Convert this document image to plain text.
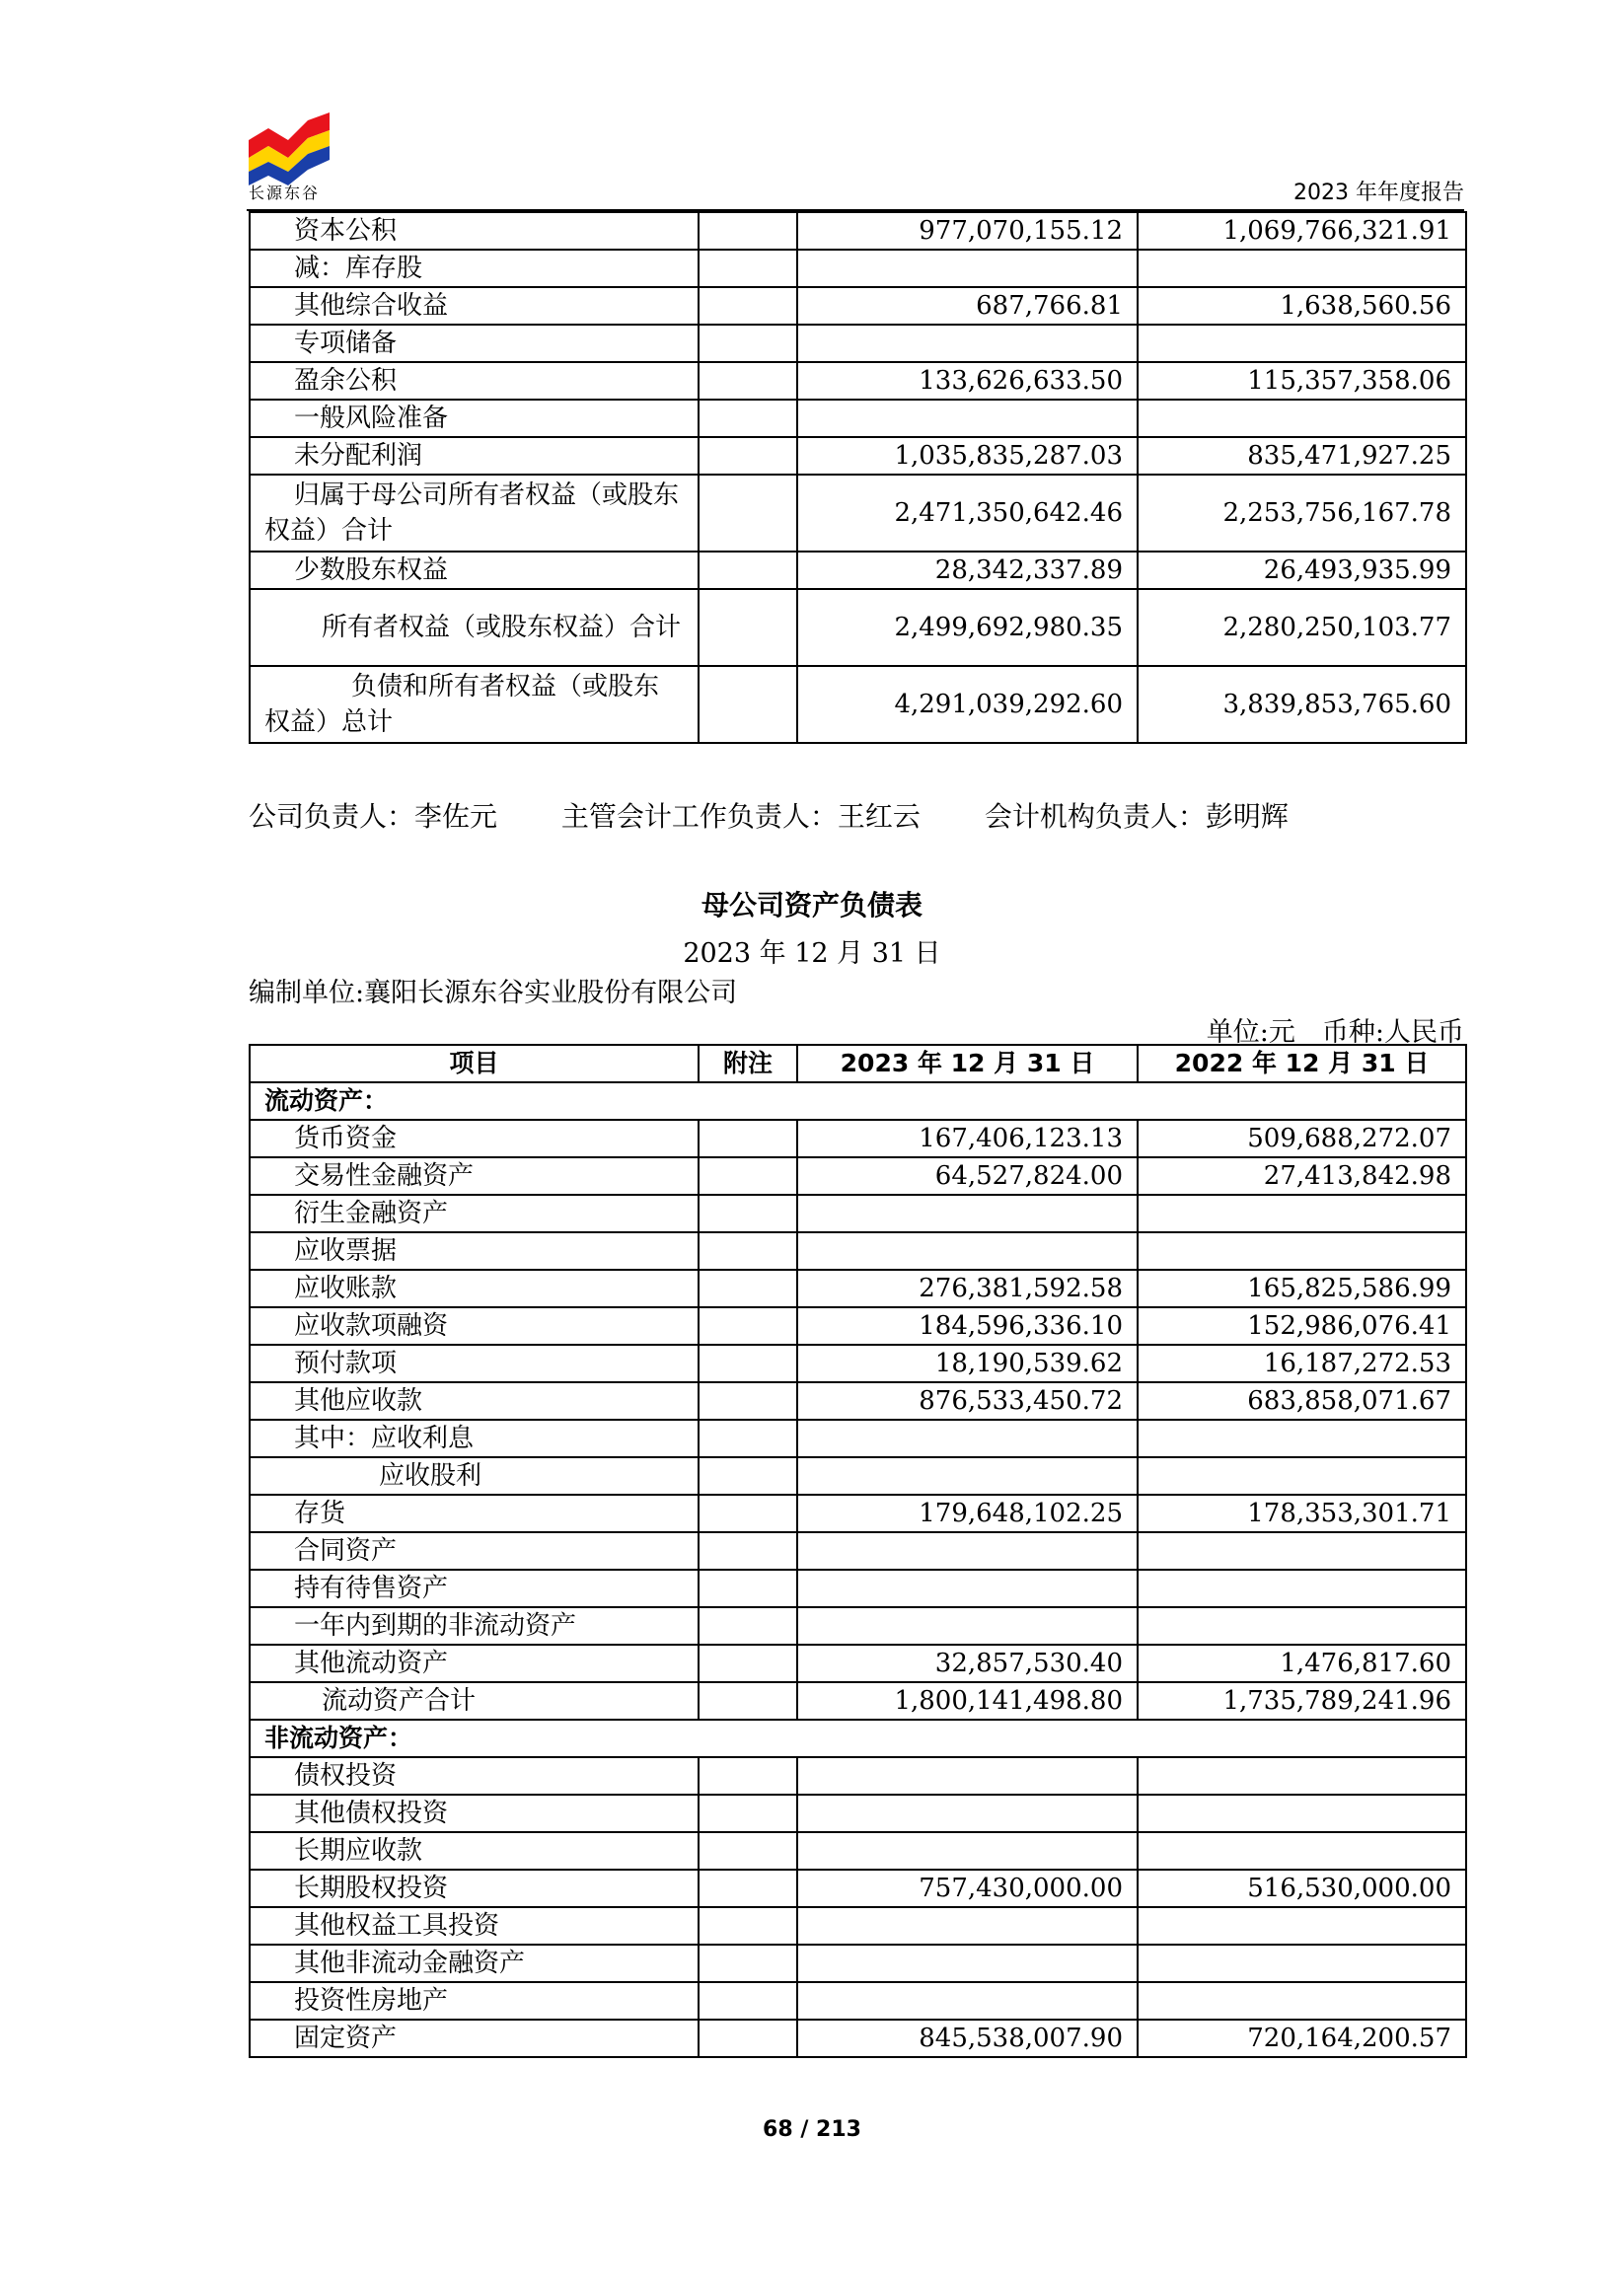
长源东谷	2023 年年度报告
资本公积		977,070,155.12	1,069,766,321.91
减：库存股			
其他综合收益		687,766.81	1,638,560.56
专项储备			
盈余公积		133,626,633.50	115,357,358.06
一般风险准备			
未分配利润		1,035,835,287.03	835,471,927.25
归属于母公司所有者权益（或股东权益）合计		2,471,350,642.46	2,253,756,167.78
少数股东权益		28,342,337.89	26,493,935.99
所有者权益（或股东权益）合计		2,499,692,980.35	2,280,250,103.77
负债和所有者权益（或股东权益）总计		4,291,039,292.60	3,839,853,765.60
公司负责人：李佐元 主管会计工作负责人：王红云 会计机构负责人：彭明辉
母公司资产负债表
2023 年 12 月 31 日
编制单位:襄阳长源东谷实业股份有限公司
单位:元　币种:人民币
项目	附注	2023 年 12 月 31 日	2022 年 12 月 31 日
流动资产：			
货币资金		167,406,123.13	509,688,272.07
交易性金融资产		64,527,824.00	27,413,842.98
衍生金融资产			
应收票据			
应收账款		276,381,592.58	165,825,586.99
应收款项融资		184,596,336.10	152,986,076.41
预付款项		18,190,539.62	16,187,272.53
其他应收款		876,533,450.72	683,858,071.67
其中：应收利息			
应收股利			
存货		179,648,102.25	178,353,301.71
合同资产			
持有待售资产			
一年内到期的非流动资产			
其他流动资产		32,857,530.40	1,476,817.60
流动资产合计		1,800,141,498.80	1,735,789,241.96
非流动资产：			
债权投资			
其他债权投资			
长期应收款			
长期股权投资		757,430,000.00	516,530,000.00
其他权益工具投资			
其他非流动金融资产			
投资性房地产			
固定资产		845,538,007.90	720,164,200.57
68 / 213
